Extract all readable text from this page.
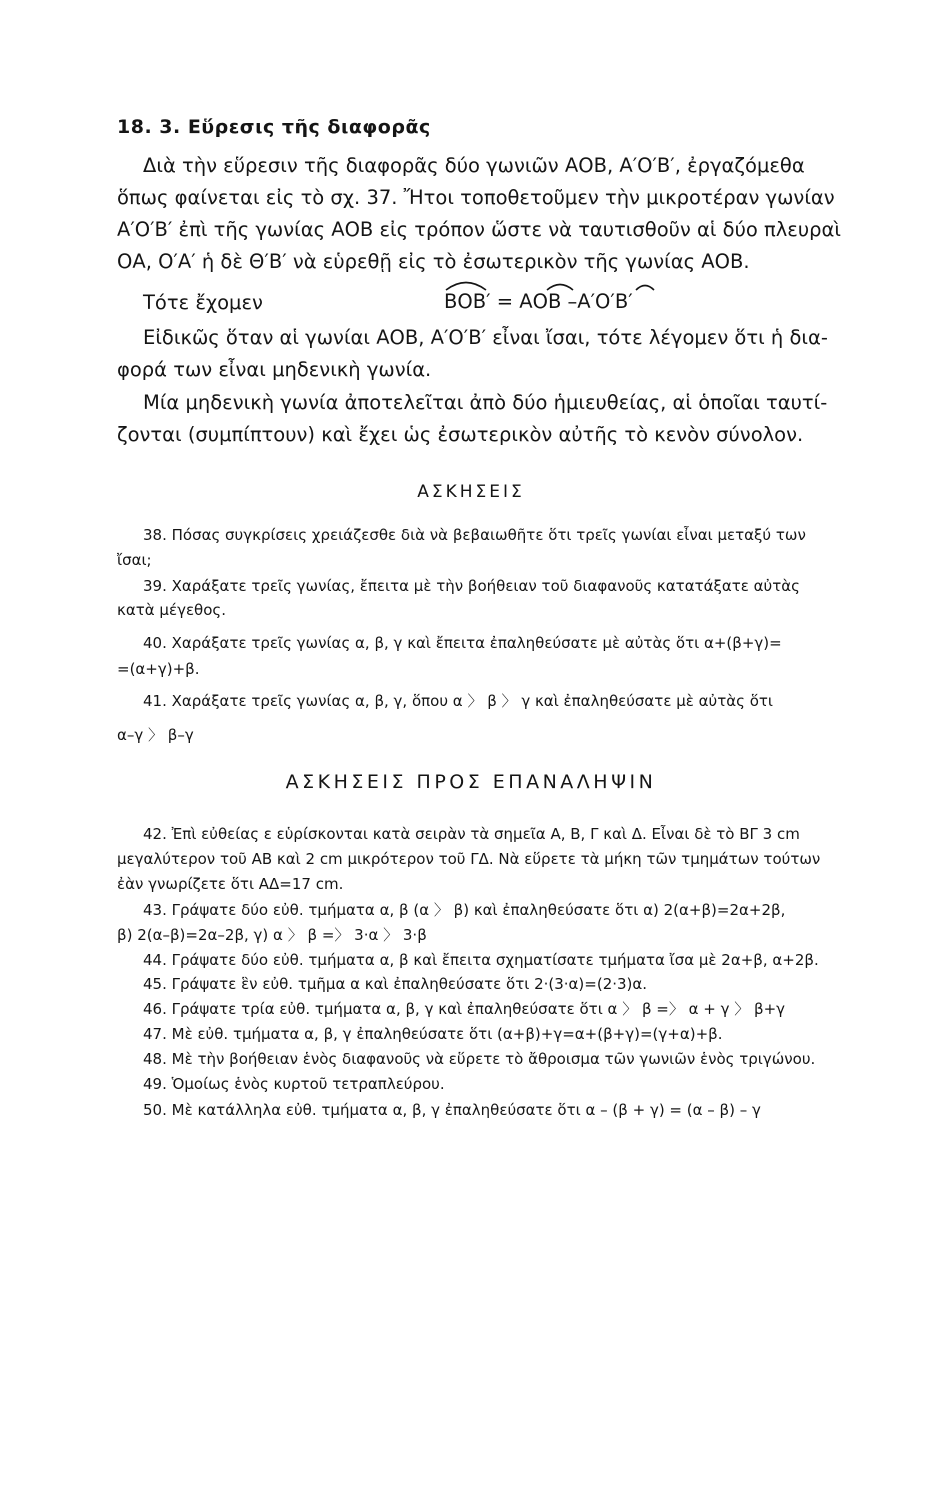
18. 3. Εὕρεσις τῆς διαφορᾶς
Διὰ τὴν εὕρεσιν τῆς διαφορᾶς δύο γωνιῶν ΑΟΒ, Α′Ο′Β′, ἐργαζόμεθα
ὅπως φαίνεται εἰς τὸ σχ. 37. Ἤτοι τοποθετοῦμεν τὴν μικροτέραν γωνίαν
Α′Ο′Β′ ἐπὶ τῆς γωνίας ΑΟΒ εἰς τρόπον ὥστε νὰ ταυτισθοῦν αἱ δύο πλευραὶ
ΟΑ, Ο′Α′ ἡ δὲ Θ′Β′ νὰ εὑρεθῇ εἰς τὸ ἐσωτερικὸν τῆς γωνίας ΑΟΒ.
Τότε ἔχομεν	ΒΟΒ′ = ΑΟΒ –Α′Ο′Β′
Εἰδικῶς ὅταν αἱ γωνίαι ΑΟΒ, Α′Ο′Β′ εἶναι ἴσαι, τότε λέγομεν ὅτι ἡ δια-
φορά των εἶναι μηδενικὴ γωνία.
Μία μηδενικὴ γωνία ἀποτελεῖται ἀπὸ δύο ἡμιευθείας, αἱ ὁποῖαι ταυτί-
ζονται (συμπίπτουν) καὶ ἔχει ὡς ἐσωτερικὸν αὐτῆς τὸ κενὸν σύνολον.
ΑΣΚΗΣΕΙΣ
38. Πόσας συγκρίσεις χρειάζεσθε διὰ νὰ βεβαιωθῆτε ὅτι τρεῖς γωνίαι εἶναι μεταξύ των
ἴσαι;
39. Χαράξατε τρεῖς γωνίας, ἔπειτα μὲ τὴν βοήθειαν τοῦ διαφανοῦς κατατάξατε αὐτὰς
κατὰ μέγεθος.
40. Χαράξατε τρεῖς γωνίας α, β, γ καὶ ἔπειτα ἐπαληθεύσατε μὲ αὐτὰς ὅτι α+(β+γ)=
=(α+γ)+β.
41. Χαράξατε τρεῖς γωνίας α, β, γ, ὅπου α 〉 β 〉 γ καὶ ἐπαληθεύσατε μὲ αὐτὰς ὅτι
α–γ 〉 β–γ
ΑΣΚΗΣΕΙΣ ΠΡΟΣ ΕΠΑΝΑΛΗΨΙΝ
42. Ἐπὶ εὐθείας ε εὑρίσκονται κατὰ σειρὰν τὰ σημεῖα Α, Β, Γ καὶ Δ. Εἶναι δὲ τὸ ΒΓ 3 cm
μεγαλύτερον τοῦ ΑΒ καὶ 2 cm μικρότερον τοῦ ΓΔ. Νὰ εὕρετε τὰ μήκη τῶν τμημάτων τούτων
ἐὰν γνωρίζετε ὅτι ΑΔ=17 cm.
43. Γράψατε δύο εὐθ. τμήματα α, β (α 〉 β) καὶ ἐπαληθεύσατε ὅτι α) 2(α+β)=2α+2β,
β) 2(α–β)=2α–2β, γ) α 〉 β =〉 3·α 〉 3·β
44. Γράψατε δύο εὐθ. τμήματα α, β καὶ ἔπειτα σχηματίσατε τμήματα ἴσα μὲ 2α+β, α+2β.
45. Γράψατε ἓν εὐθ. τμῆμα α καὶ ἐπαληθεύσατε ὅτι 2·(3·α)=(2·3)α.
46. Γράψατε τρία εὐθ. τμήματα α, β, γ καὶ ἐπαληθεύσατε ὅτι α 〉 β =〉 α + γ 〉 β+γ
47. Μὲ εὐθ. τμήματα α, β, γ ἐπαληθεύσατε ὅτι (α+β)+γ=α+(β+γ)=(γ+α)+β.
48. Μὲ τὴν βοήθειαν ἑνὸς διαφανοῦς νὰ εὕρετε τὸ ἄθροισμα τῶν γωνιῶν ἑνὸς τριγώνου.
49. Ὁμοίως ἑνὸς κυρτοῦ τετραπλεύρου.
50. Μὲ κατάλληλα εὐθ. τμήματα α, β, γ ἐπαληθεύσατε ὅτι α – (β + γ) = (α – β) – γ
